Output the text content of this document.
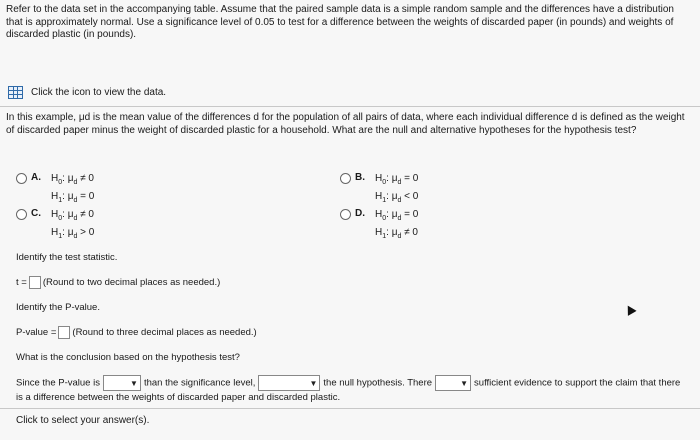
Refer to the data set in the accompanying table. Assume that the paired sample data is a simple random sample and the differences have a distribution that is approximately normal. Use a significance level of 0.05 to test for a difference between the weights of discarded paper (in pounds) and weights of discarded plastic (in pounds).
Click the icon to view the data.
In this example, μd is the mean value of the differences d for the population of all pairs of data, where each individual difference d is defined as the weight of discarded paper minus the weight of discarded plastic for a household. What are the null and alternative hypotheses for the hypothesis test?
A.	$H_0$: $\mu_d \ne 0$
$H_1$: $\mu_d = 0$
B.	$H_0$: $\mu_d = 0$
$H_1$: $\mu_d < 0$
C.	$H_0$: $\mu_d \ne 0$
$H_1$: $\mu_d > 0$
D.	$H_0$: $\mu_d = 0$
$H_1$: $\mu_d \ne 0$
Identify the test statistic.
t = (Round to two decimal places as needed.)
Identify the P-value.
P-value = (Round to three decimal places as needed.)
What is the conclusion based on the hypothesis test?
Since the P-value is ▼	than the significance level, ▼	the null hypothesis. There ▼	sufficient evidence to support the claim that there is a difference between the weights of discarded paper and discarded plastic.
Click to select your answer(s).
